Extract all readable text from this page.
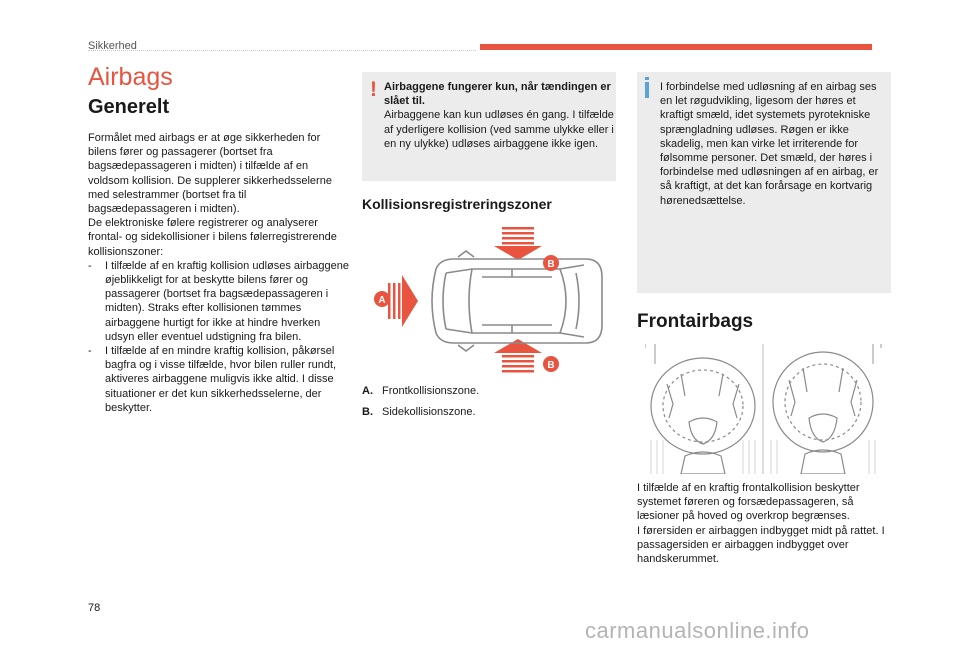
Sikkerhed
Airbags
Generelt

Formålet med airbags er at øge sikkerheden for bilens fører og passagerer (bortset fra bagsædepassageren i midten) i tilfælde af en voldsom kollision. De supplerer sikkerhedsselerne med selestrammer (bortset fra til bagsædepassageren i midten).

De elektroniske følere registrerer og analyserer frontal- og sidekollisioner i bilens følerregistrerende kollisionszoner:

-	I tilfælde af en kraftig kollision udløses airbaggene øjeblikkeligt for at beskytte bilens fører og passagerer (bortset fra bagsædepassageren i midten). Straks efter kollisionen tømmes airbaggene hurtigt for ikke at hindre hverken udsyn eller eventuel udstigning fra bilen.
-	I tilfælde af en mindre kraftig kollision, påkørsel bagfra og i visse tilfælde, hvor bilen ruller rundt, aktiveres airbaggene muligvis ikke altid. I disse situationer er det kun sikkerhedsselerne, der beskytter.
! Airbaggene fungerer kun, når tændingen er slået til.

Airbaggene kan kun udløses én gang. I tilfælde af yderligere kollision (ved samme ulykke eller i en ny ulykke) udløses airbaggene ikke igen.

Kollisionsregistreringszoner
A
B
B
A. Frontkollisionszone.
B. Sidekollisionszone.

I forbindelse med udløsning af en airbag ses en let røgudvikling, ligesom der høres et kraftigt smæld, idet systemets pyrotekniske sprængladning udløses. Røgen er ikke skadelig, men kan virke let irriterende for følsomme personer. Det smæld, der høres i forbindelse med udløsningen af en airbag, er så kraftigt, at det kan forårsage en kortvarig hørenedsættelse.

Frontairbags

I tilfælde af en kraftig frontalkollision beskytter systemet føreren og forsædepassageren, så læsioner på hoved og overkrop begrænses.

I førersiden er airbaggen indbygget midt på rattet. I passagersiden er airbaggen indbygget over handskerummet.

78
carmanualsonline.info
